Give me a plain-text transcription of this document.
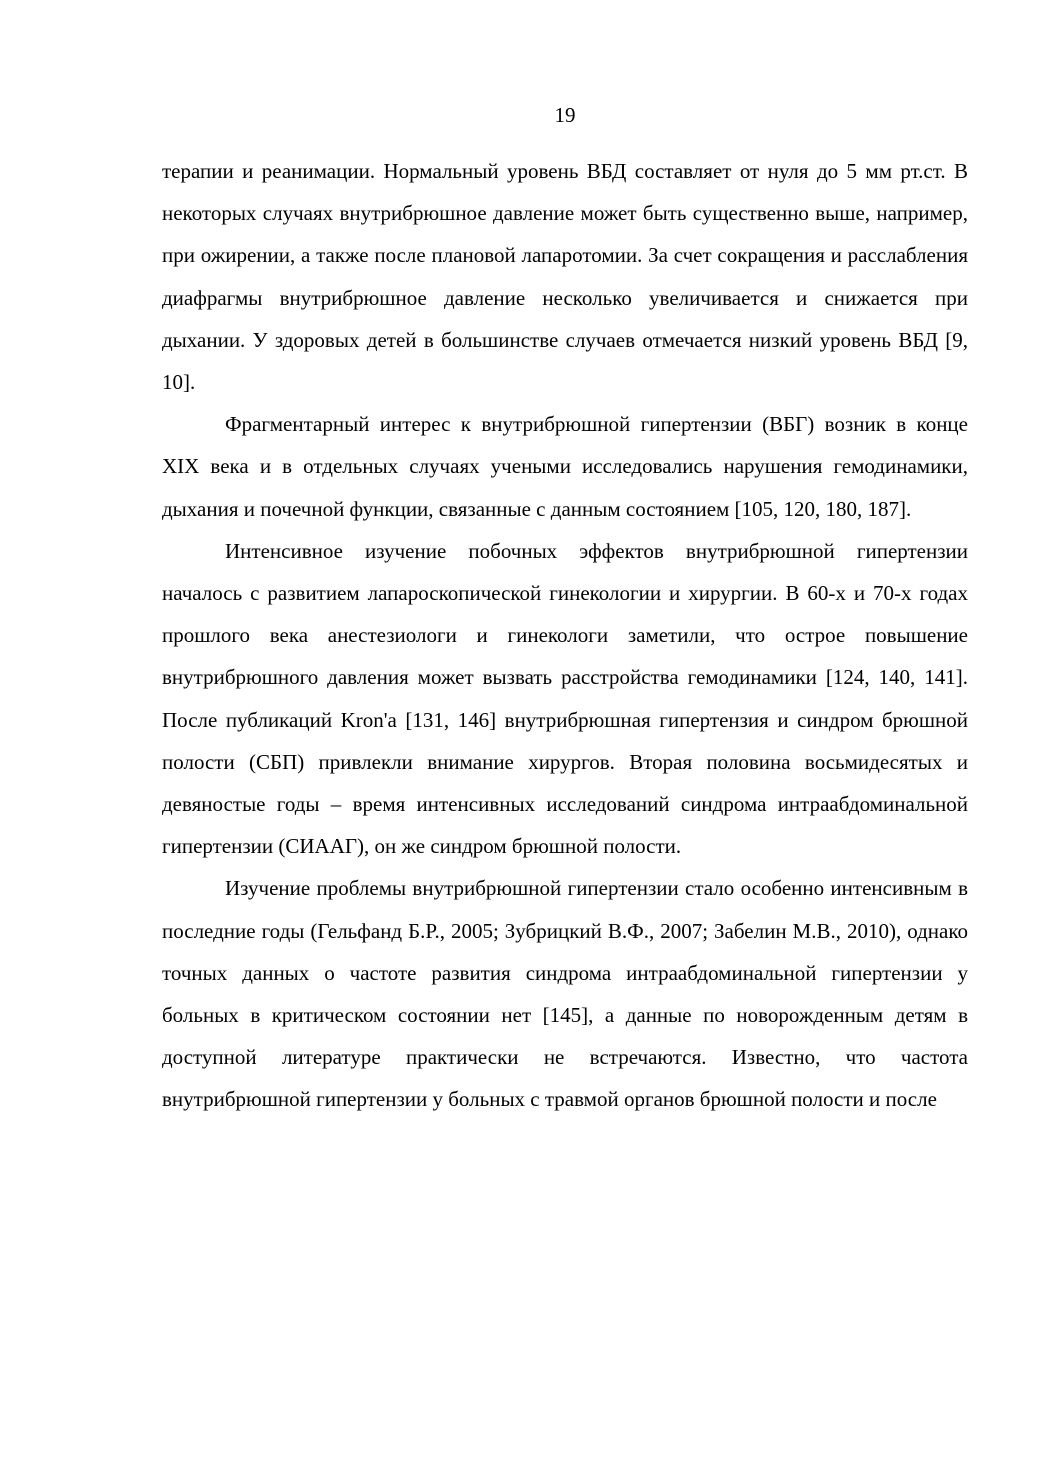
19

терапии и реанимации. Нормальный уровень ВБД составляет от нуля до 5 мм рт.ст. В некоторых случаях внутрибрюшное давление может быть существенно выше, например, при ожирении, а также после плановой лапаротомии. За счет сокращения и расслабления диафрагмы внутрибрюшное давление несколько увеличивается и снижается при дыхании. У здоровых детей в большинстве случаев отмечается низкий уровень ВБД [9, 10].

Фрагментарный интерес к внутрибрюшной гипертензии (ВБГ) возник в конце XIX века и в отдельных случаях учеными исследовались нарушения гемодинамики, дыхания и почечной функции, связанные с данным состоянием [105, 120, 180, 187].

Интенсивное изучение побочных эффектов внутрибрюшной гипертензии началось с развитием лапароскопической гинекологии и хирургии. В 60-х и 70-х годах прошлого века анестезиологи и гинекологи заметили, что острое повышение внутрибрюшного давления может вызвать расстройства гемодинамики [124, 140, 141]. После публикаций Kron'a [131, 146] внутрибрюшная гипертензия и синдром брюшной полости (СБП) привлекли внимание хирургов. Вторая половина восьмидесятых и девяностые годы – время интенсивных исследований синдрома интраабдоминальной гипертензии (СИААГ), он же синдром брюшной полости.

Изучение проблемы внутрибрюшной гипертензии стало особенно интенсивным в последние годы (Гельфанд Б.Р., 2005; Зубрицкий В.Ф., 2007; Забелин М.В., 2010), однако точных данных о частоте развития синдрома интраабдоминальной гипертензии у больных в критическом состоянии нет [145], а данные по новорожденным детям в доступной литературе практически не встречаются. Известно, что частота внутрибрюшной гипертензии у больных с травмой органов брюшной полости и после
